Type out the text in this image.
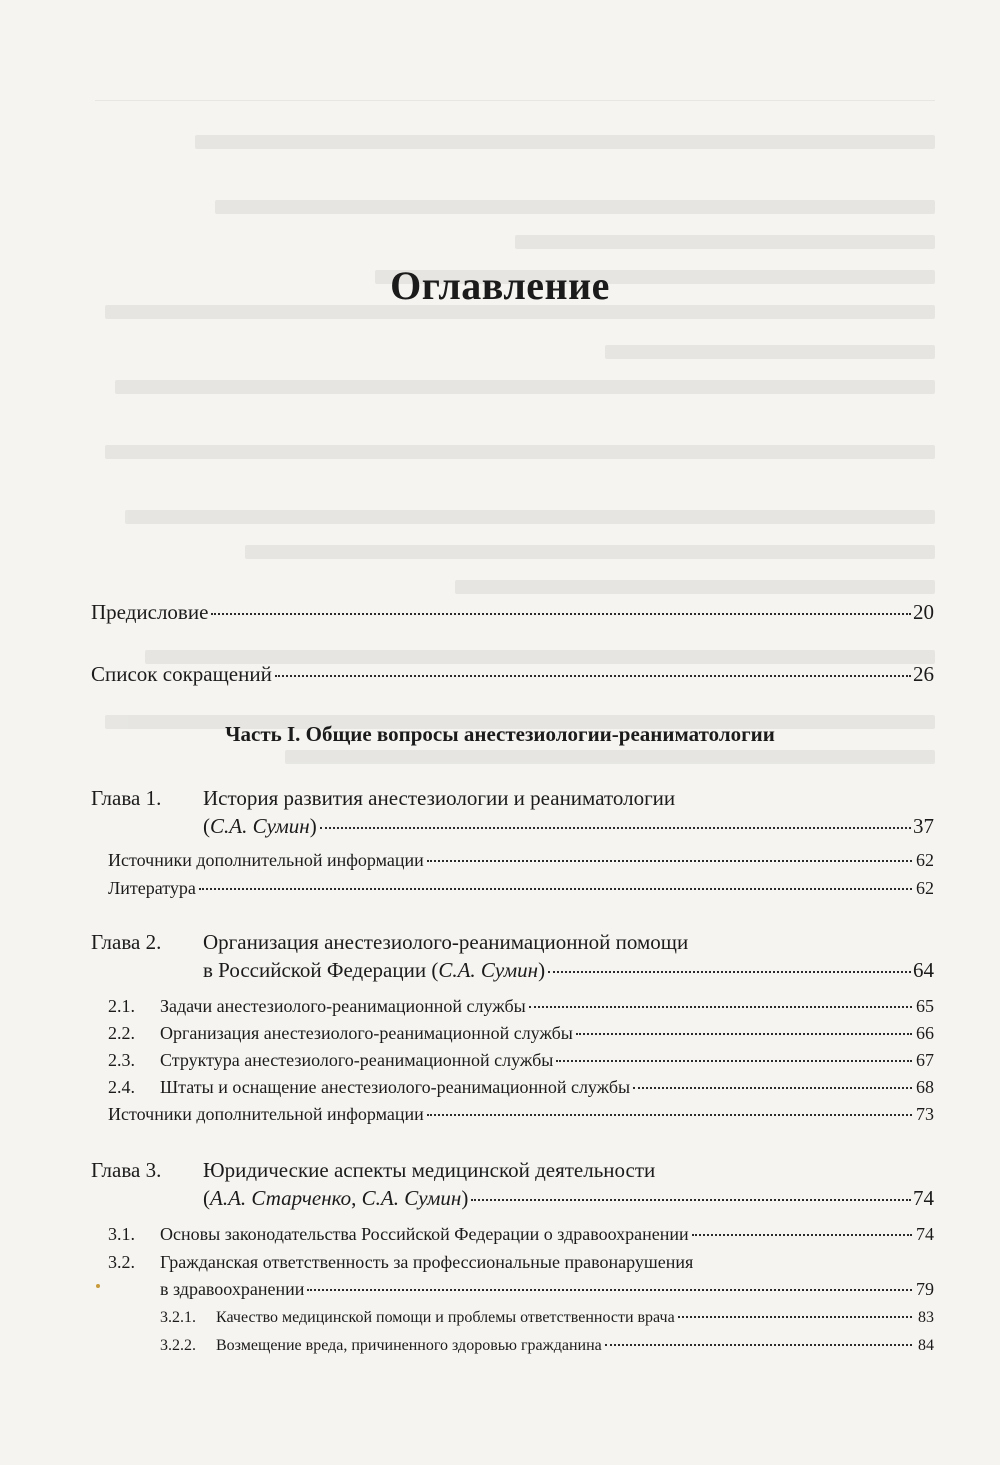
Оглавление
Предисловие	20
Список сокращений	26
Часть I. Общие вопросы анестезиологии-реаниматологии
Глава 1. История развития анестезиологии и реаниматологии
(С.А. Сумин)	37
Источники дополнительной информации	62
Литература	62
Глава 2. Организация анестезиолого-реанимационной помощи
в Российской Федерации (С.А. Сумин)	64
2.1.	Задачи анестезиолого-реанимационной службы	65
2.2.	Организация анестезиолого-реанимационной службы	66
2.3.	Структура анестезиолого-реанимационной службы	67
2.4.	Штаты и оснащение анестезиолого-реанимационной службы	68
Источники дополнительной информации	73
Глава 3. Юридические аспекты медицинской деятельности
(А.А. Старченко, С.А. Сумин)	74
3.1.	Основы законодательства Российской Федерации о здравоохранении	74
3.2.	Гражданская ответственность за профессиональные правонарушения
в здравоохранении	79
3.2.1.	Качество медицинской помощи и проблемы ответственности врача	83
3.2.2.	Возмещение вреда, причиненного здоровью гражданина	84
